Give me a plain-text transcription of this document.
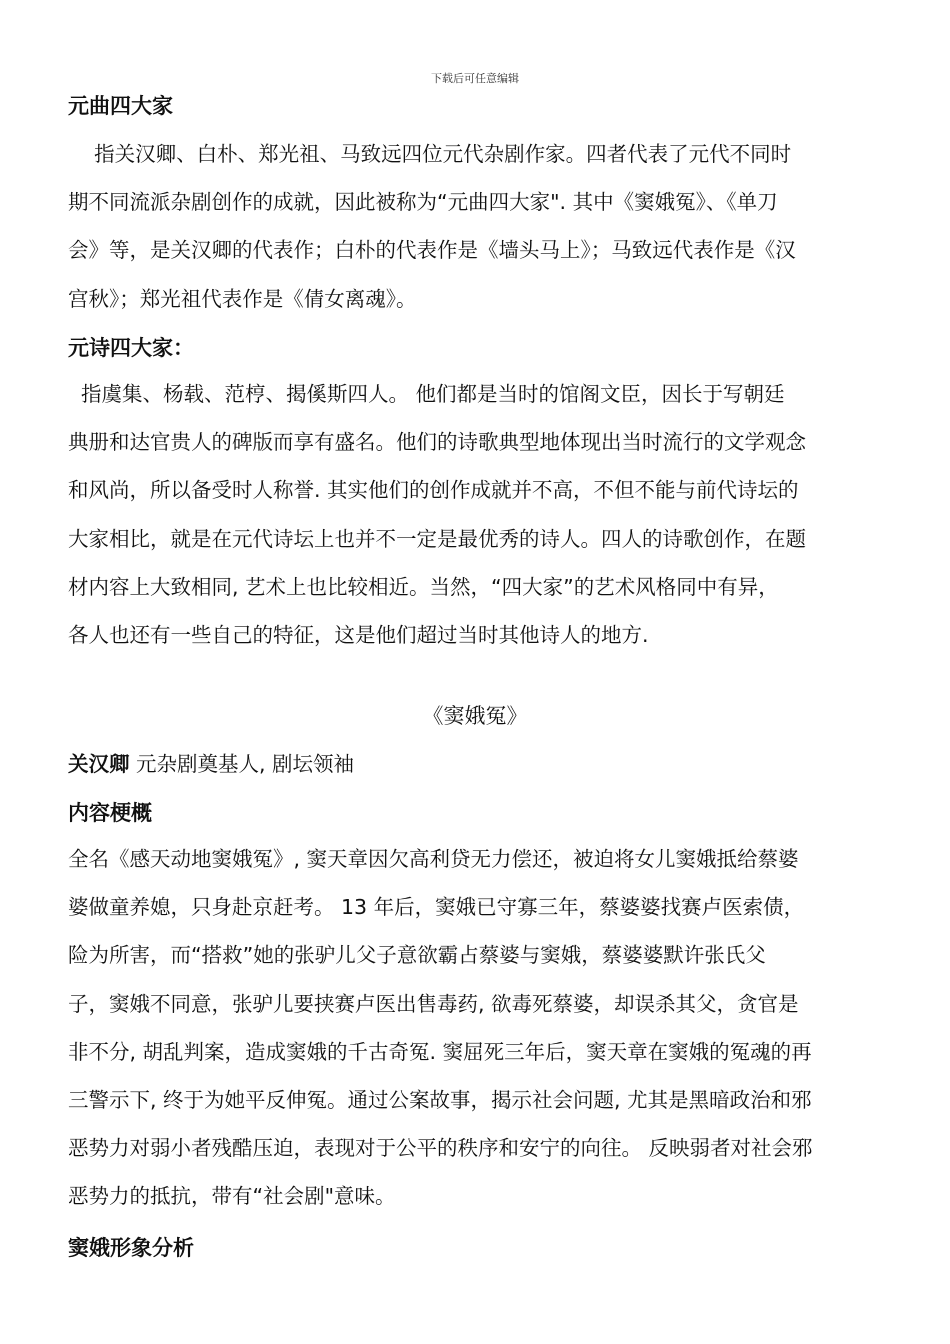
下载后可任意编辑
元曲四大家
指关汉卿、白朴、郑光祖、马致远四位元代杂剧作家。四者代表了元代不同时
期不同流派杂剧创作的成就，因此被称为“元曲四大家". 其中《窦娥冤》、《单刀
会》等，是关汉卿的代表作；白朴的代表作是《墙头马上》；马致远代表作是《汉
宫秋》；郑光祖代表作是《倩女离魂》。
元诗四大家：
指虞集、杨载、范梈、揭傒斯四人。 他们都是当时的馆阁文臣，因长于写朝廷
典册和达官贵人的碑版而享有盛名。他们的诗歌典型地体现出当时流行的文学观念
和风尚，所以备受时人称誉. 其实他们的创作成就并不高，不但不能与前代诗坛的
大家相比，就是在元代诗坛上也并不一定是最优秀的诗人。四人的诗歌创作，在题
材内容上大致相同, 艺术上也比较相近。当然，“四大家”的艺术风格同中有异，
各人也还有一些自己的特征，这是他们超过当时其他诗人的地方.
《窦娥冤》
关汉卿 元杂剧奠基人, 剧坛领袖
内容梗概
全名《感天动地窦娥冤》, 窦天章因欠高利贷无力偿还，被迫将女儿窦娥抵给蔡婆
婆做童养媳，只身赴京赶考。 13 年后，窦娥已守寡三年，蔡婆婆找赛卢医索债，
险为所害，而“搭救”她的张驴儿父子意欲霸占蔡婆与窦娥，蔡婆婆默许张氏父
子，窦娥不同意，张驴儿要挟赛卢医出售毒药, 欲毒死蔡婆，却误杀其父，贪官是
非不分, 胡乱判案，造成窦娥的千古奇冤. 窦屈死三年后，窦天章在窦娥的冤魂的再
三警示下, 终于为她平反伸冤。通过公案故事，揭示社会问题, 尤其是黑暗政治和邪
恶势力对弱小者残酷压迫，表现对于公平的秩序和安宁的向往。 反映弱者对社会邪
恶势力的抵抗，带有“社会剧"意味。
窦娥形象分析
